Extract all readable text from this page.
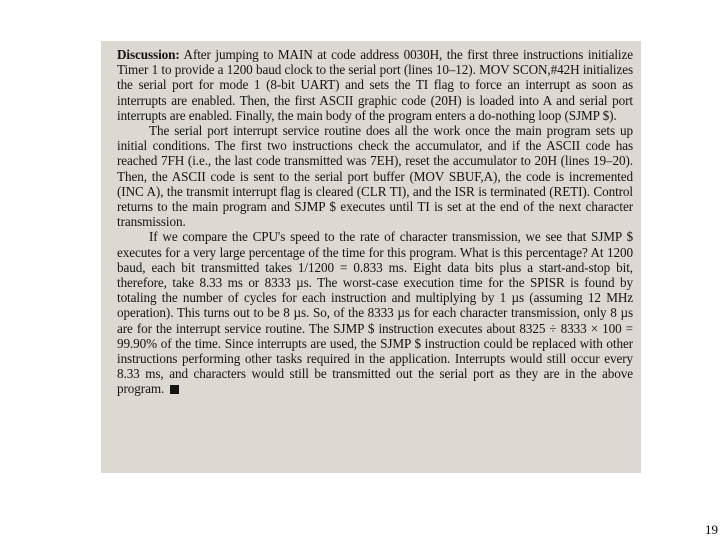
Discussion: After jumping to MAIN at code address 0030H, the first three instructions initialize Timer 1 to provide a 1200 baud clock to the serial port (lines 10–12). MOV SCON,#42H initializes the serial port for mode 1 (8-bit UART) and sets the TI flag to force an interrupt as soon as interrupts are enabled. Then, the first ASCII graphic code (20H) is loaded into A and serial port interrupts are enabled. Finally, the main body of the program enters a do-nothing loop (SJMP $).

The serial port interrupt service routine does all the work once the main program sets up initial conditions. The first two instructions check the accumulator, and if the ASCII code has reached 7FH (i.e., the last code transmitted was 7EH), reset the accumulator to 20H (lines 19–20). Then, the ASCII code is sent to the serial port buffer (MOV SBUF,A), the code is incremented (INC A), the transmit interrupt flag is cleared (CLR TI), and the ISR is terminated (RETI). Control returns to the main program and SJMP $ executes until TI is set at the end of the next character transmission.

If we compare the CPU's speed to the rate of character transmission, we see that SJMP $ executes for a very large percentage of the time for this program. What is this percentage? At 1200 baud, each bit transmitted takes 1/1200 = 0.833 ms. Eight data bits plus a start-and-stop bit, therefore, take 8.33 ms or 8333 µs. The worst-case execution time for the SPISR is found by totaling the number of cycles for each instruction and multiplying by 1 µs (assuming 12 MHz operation). This turns out to be 8 µs. So, of the 8333 µs for each character transmission, only 8 µs are for the interrupt service routine. The SJMP $ instruction executes about 8325 ÷ 8333 × 100 = 99.90% of the time. Since interrupts are used, the SJMP $ instruction could be replaced with other instructions performing other tasks required in the application. Interrupts would still occur every 8.33 ms, and characters would still be transmitted out the serial port as they are in the above program.

19
